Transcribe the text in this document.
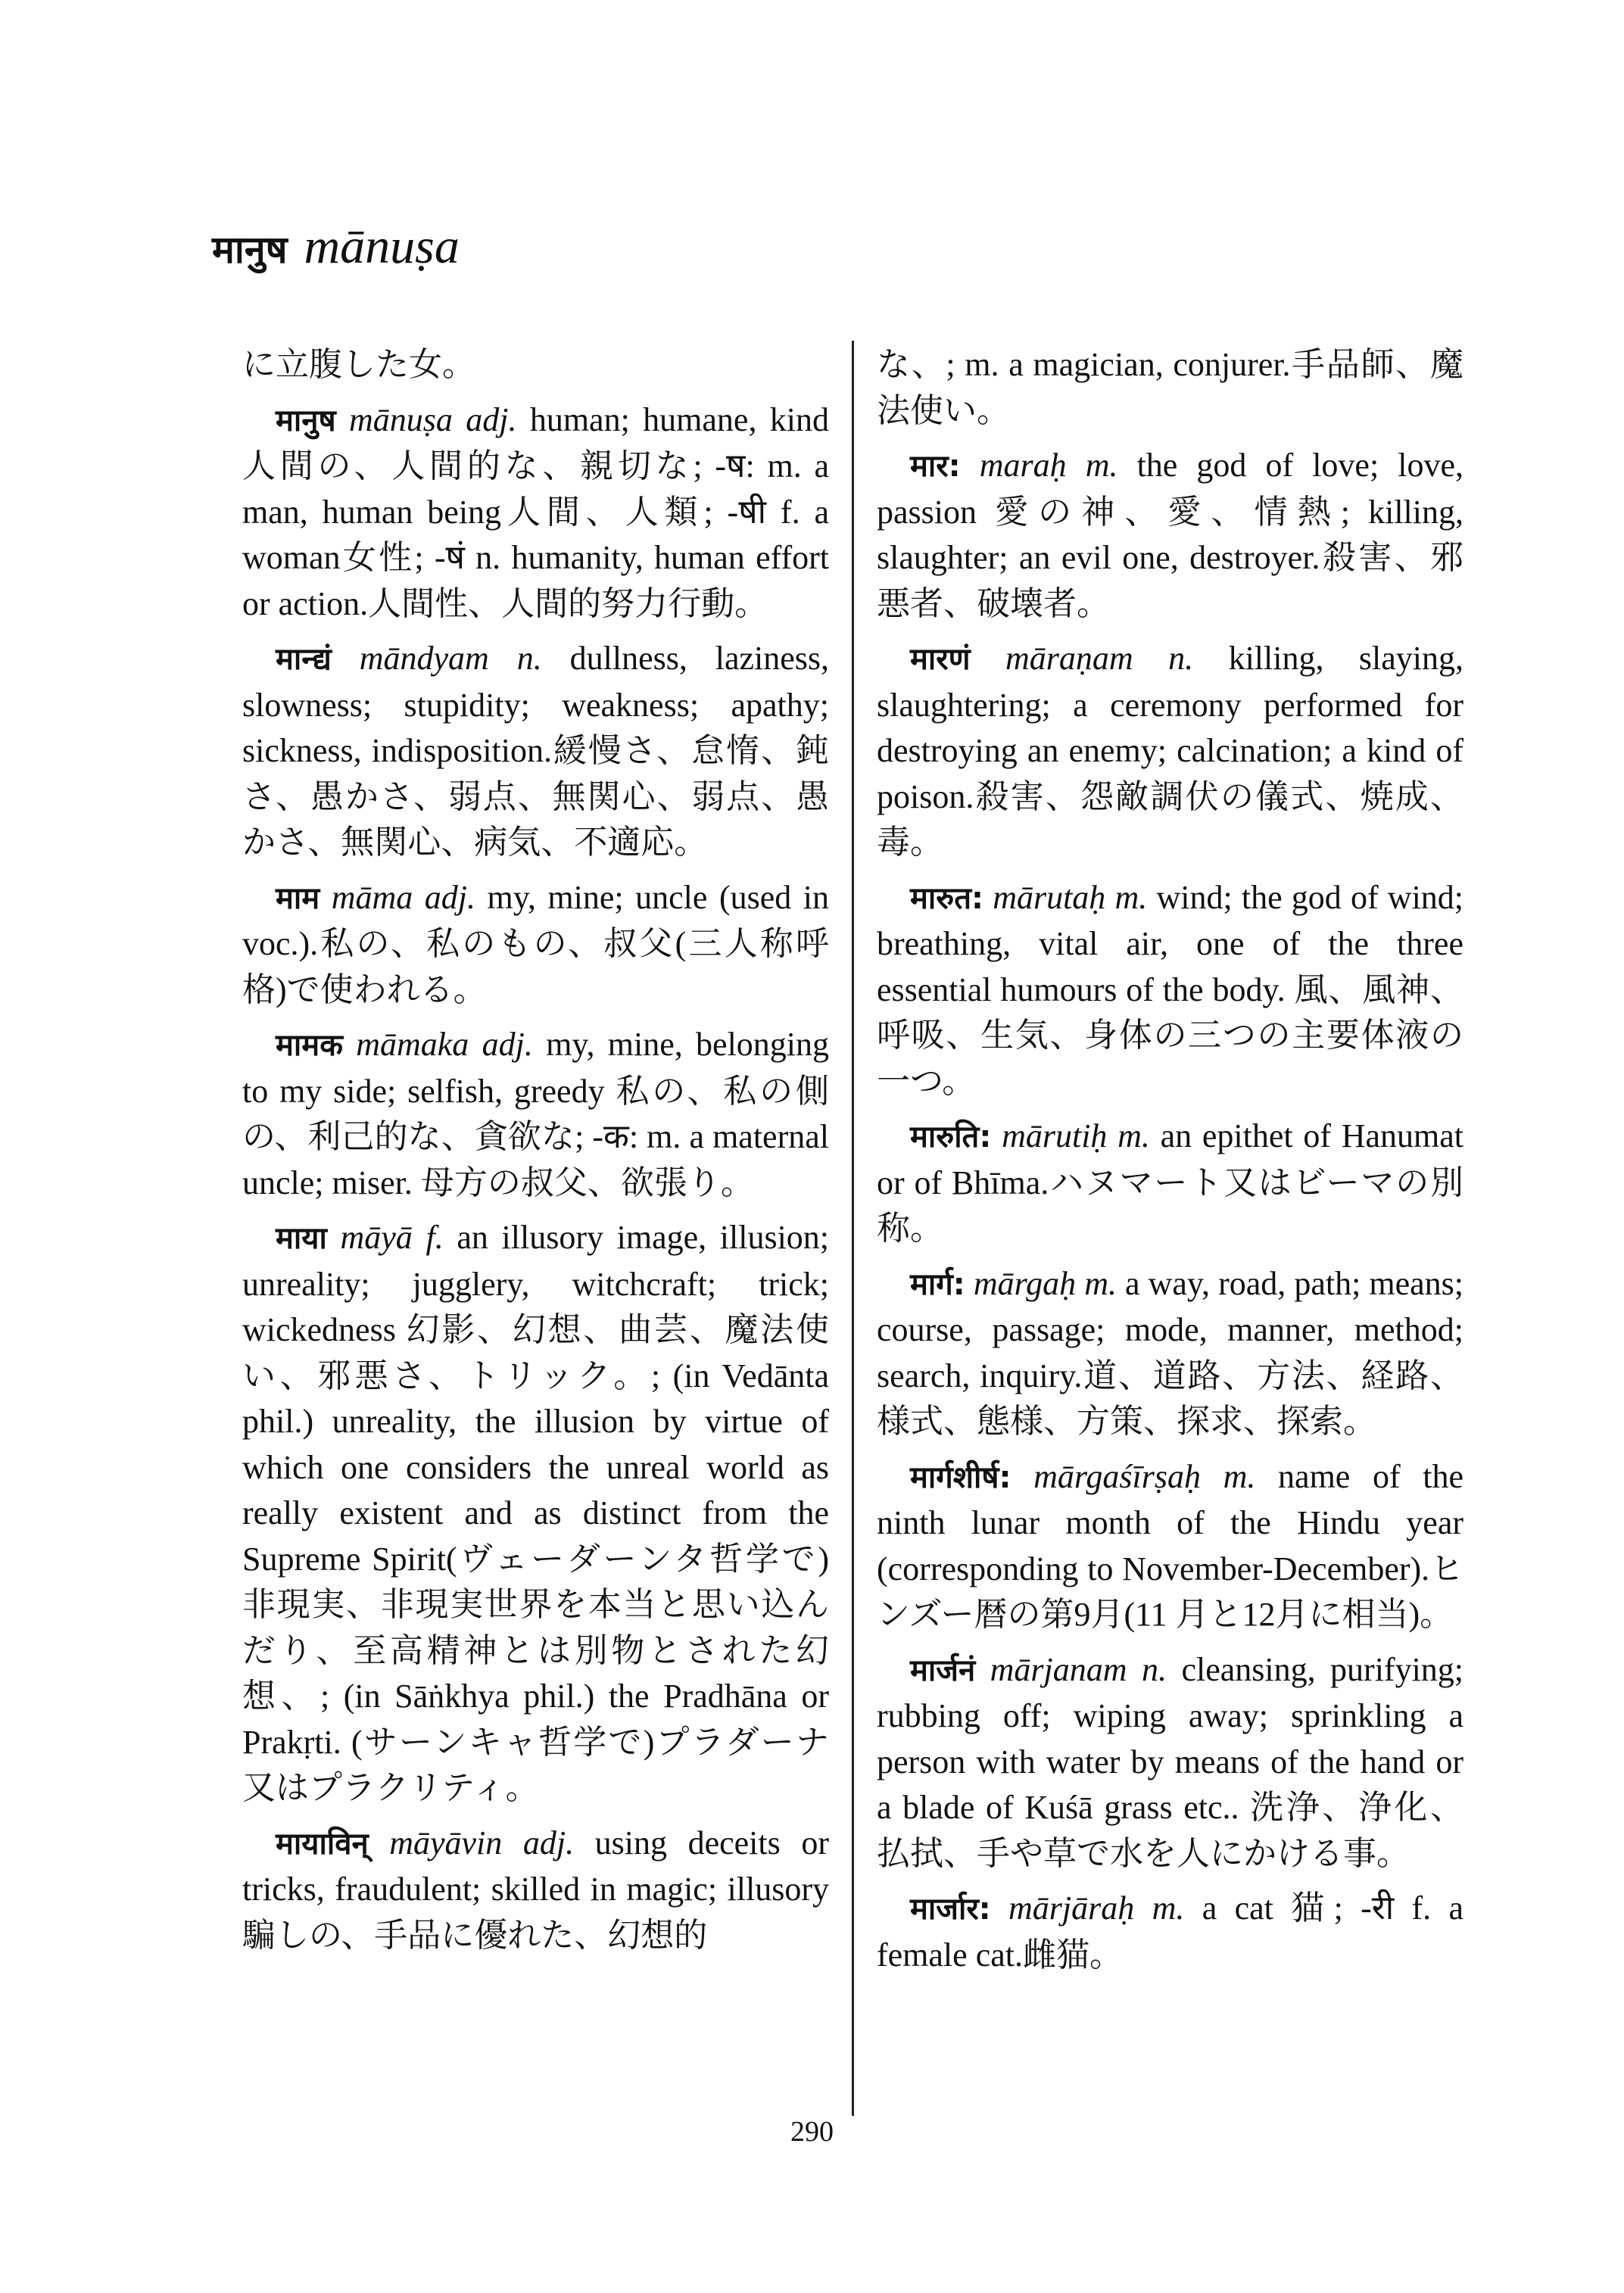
मानुष mānuṣa

に立腹した女。

मानुष mānuṣa adj. human; humane, kind人間の、人間的な、親切な; -ष: m. a man, human being人間、人類; -षी f. a woman女性; -षं n. humanity, human effort or action.人間性、人間的努力行動。

मान्द्यं māndyam n. dullness, laziness, slowness; stupidity; weakness; apathy; sickness, indisposition.緩慢さ、怠惰、鈍さ、愚かさ、弱点、無関心、弱点、愚かさ、無関心、病気、不適応。

माम māma adj. my, mine; uncle (used in voc.).私の、私のもの、叔父(三人称呼格)で使われる。

मामक māmaka adj. my, mine, belonging to my side; selfish, greedy 私の、私の側の、利己的な、貪欲な; -क: m. a maternal uncle; miser. 母方の叔父、欲張り。

माया māyā f. an illusory image, illusion; unreality; jugglery, witchcraft; trick; wickedness 幻影、幻想、曲芸、魔法使い、邪悪さ、トリック。; (in Vedānta phil.) unreality, the illusion by virtue of which one considers the unreal world as really existent and as distinct from the Supreme Spirit(ヴェーダーンタ哲学で) 非現実、非現実世界を本当と思い込んだり、至高精神とは別物とされた幻想、; (in Sāṅkhya phil.) the Pradhāna or Prakṛti. (サーンキャ哲学で)プラダーナ又はプラクリティ。

मायाविन् māyāvin adj. using deceits or tricks, fraudulent; skilled in magic; illusory 騙しの、手品に優れた、幻想的

な、; m. a magician, conjurer.手品師、魔法使い。

मार: maraḥ m. the god of love; love, passion 愛の神、愛、情熱; killing, slaughter; an evil one, destroyer.殺害、邪悪者、破壊者。

मारणं māraṇam n. killing, slaying, slaughtering; a ceremony performed for destroying an enemy; calcination; a kind of poison.殺害、怨敵調伏の儀式、焼成、毒。

मारुत: mārutaḥ m. wind; the god of wind; breathing, vital air, one of the three essential humours of the body. 風、風神、呼吸、生気、身体の三つの主要体液の一つ。

मारुति: mārutiḥ m. an epithet of Hanumat or of Bhīma.ハヌマート又はビーマの別称。

मार्ग: mārgaḥ m. a way, road, path; means; course, passage; mode, manner, method; search, inquiry.道、道路、方法、経路、様式、態様、方策、探求、探索。

मार्गशीर्ष: mārgaśīrṣaḥ m. name of the ninth lunar month of the Hindu year (corresponding to November-December).ヒンズー暦の第9月(11 月と12月に相当)。

मार्जनं mārjanam n. cleansing, purifying; rubbing off; wiping away; sprinkling a person with water by means of the hand or a blade of Kuśā grass etc.. 洗浄、浄化、払拭、手や草で水を人にかける事。

मार्जार: mārjāraḥ m. a cat 猫; -री f. a female cat.雌猫。

290
